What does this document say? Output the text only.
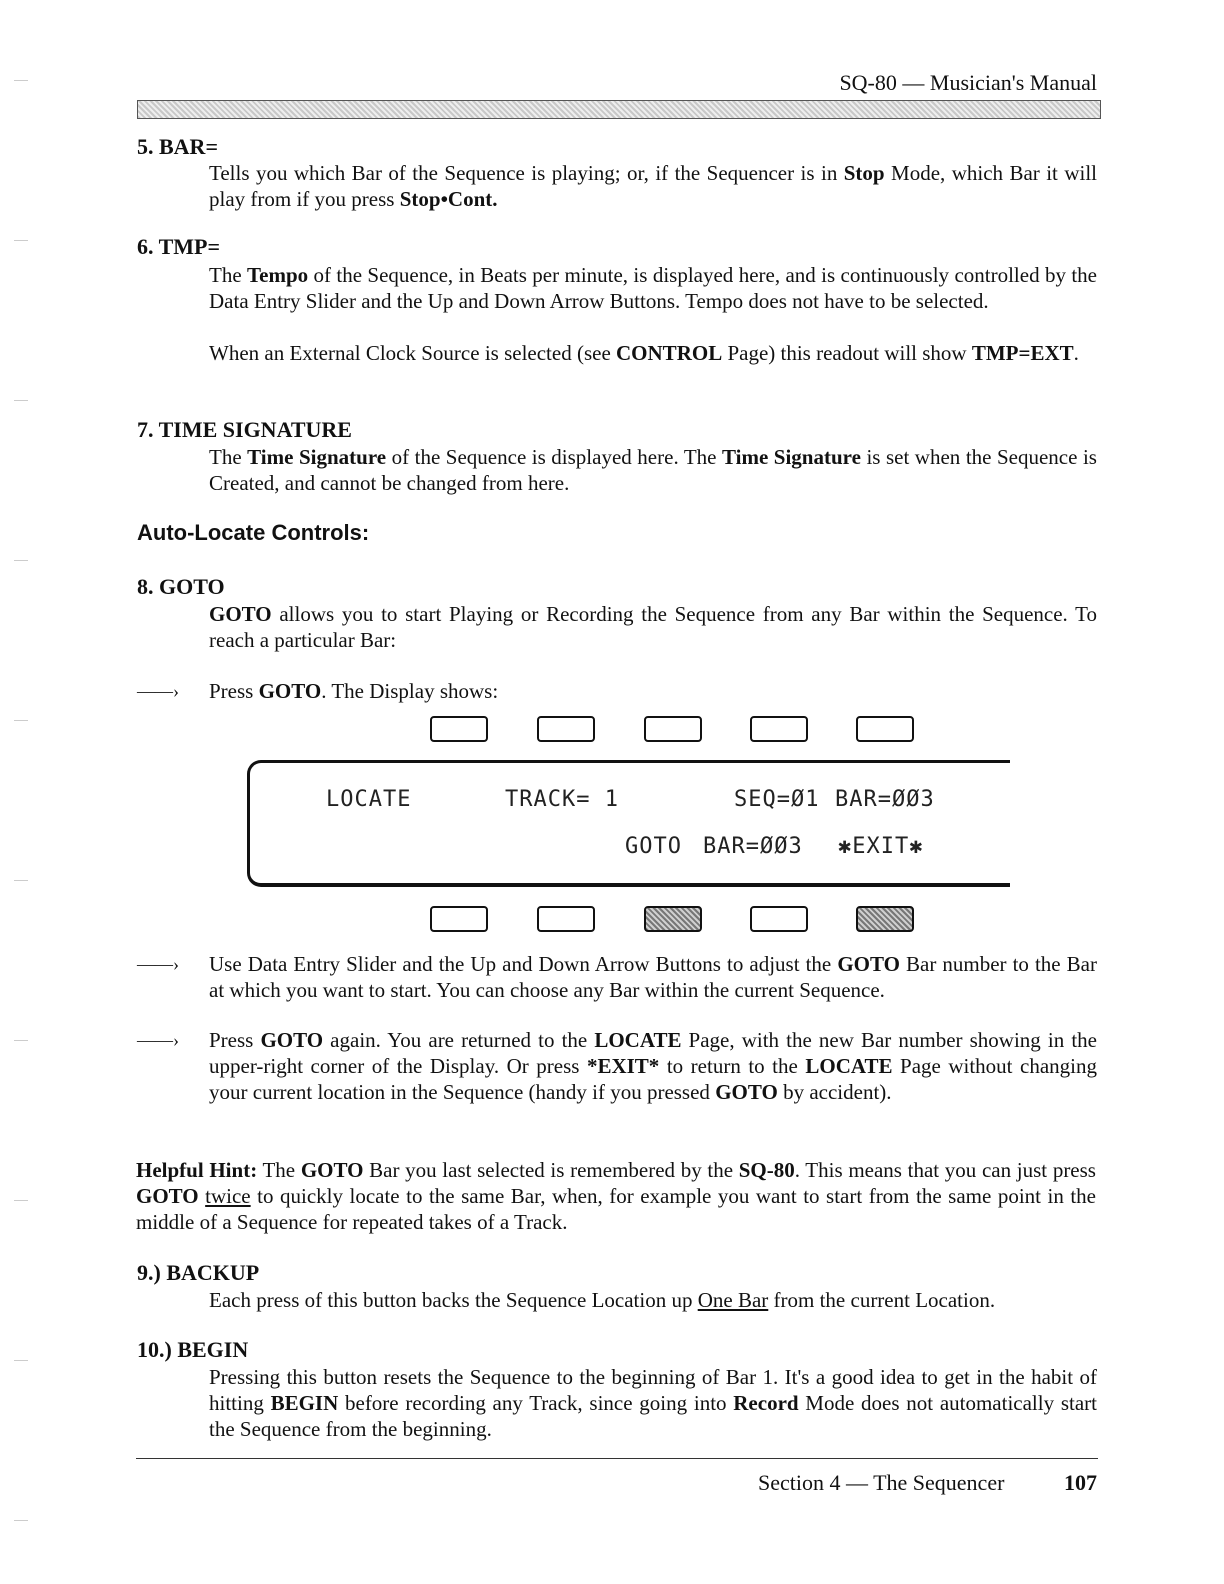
SQ-80 — Musician's Manual
5. BAR=
Tells you which Bar of the Sequence is playing; or, if the Sequencer is in Stop Mode, which Bar it will play from if you press Stop•Cont.
6. TMP=
The Tempo of the Sequence, in Beats per minute, is displayed here, and is continuously controlled by the Data Entry Slider and the Up and Down Arrow Buttons. Tempo does not have to be selected.
When an External Clock Source is selected (see CONTROL Page) this readout will show TMP=EXT.
7. TIME SIGNATURE
The Time Signature of the Sequence is displayed here. The Time Signature is set when the Sequence is Created, and cannot be changed from here.
Auto-Locate Controls:
8. GOTO
GOTO allows you to start Playing or Recording the Sequence from any Bar within the Sequence. To reach a particular Bar:
——› Press GOTO. The Display shows:
LOCATE	TRACK= 1	SEQ=Ø1 BAR=ØØ3
GOTO BAR=ØØ3 ✱EXIT✱
——› Use Data Entry Slider and the Up and Down Arrow Buttons to adjust the GOTO Bar number to the Bar at which you want to start. You can choose any Bar within the current Sequence.
——› Press GOTO again. You are returned to the LOCATE Page, with the new Bar number showing in the upper-right corner of the Display. Or press *EXIT* to return to the LOCATE Page without changing your current location in the Sequence (handy if you pressed GOTO by accident).
Helpful Hint: The GOTO Bar you last selected is remembered by the SQ-80. This means that you can just press GOTO twice to quickly locate to the same Bar, when, for example you want to start from the same point in the middle of a Sequence for repeated takes of a Track.
9.) BACKUP
Each press of this button backs the Sequence Location up One Bar from the current Location.
10.) BEGIN
Pressing this button resets the Sequence to the beginning of Bar 1. It's a good idea to get in the habit of hitting BEGIN before recording any Track, since going into Record Mode does not automatically start the Sequence from the beginning.
Section 4 — The Sequencer	107
